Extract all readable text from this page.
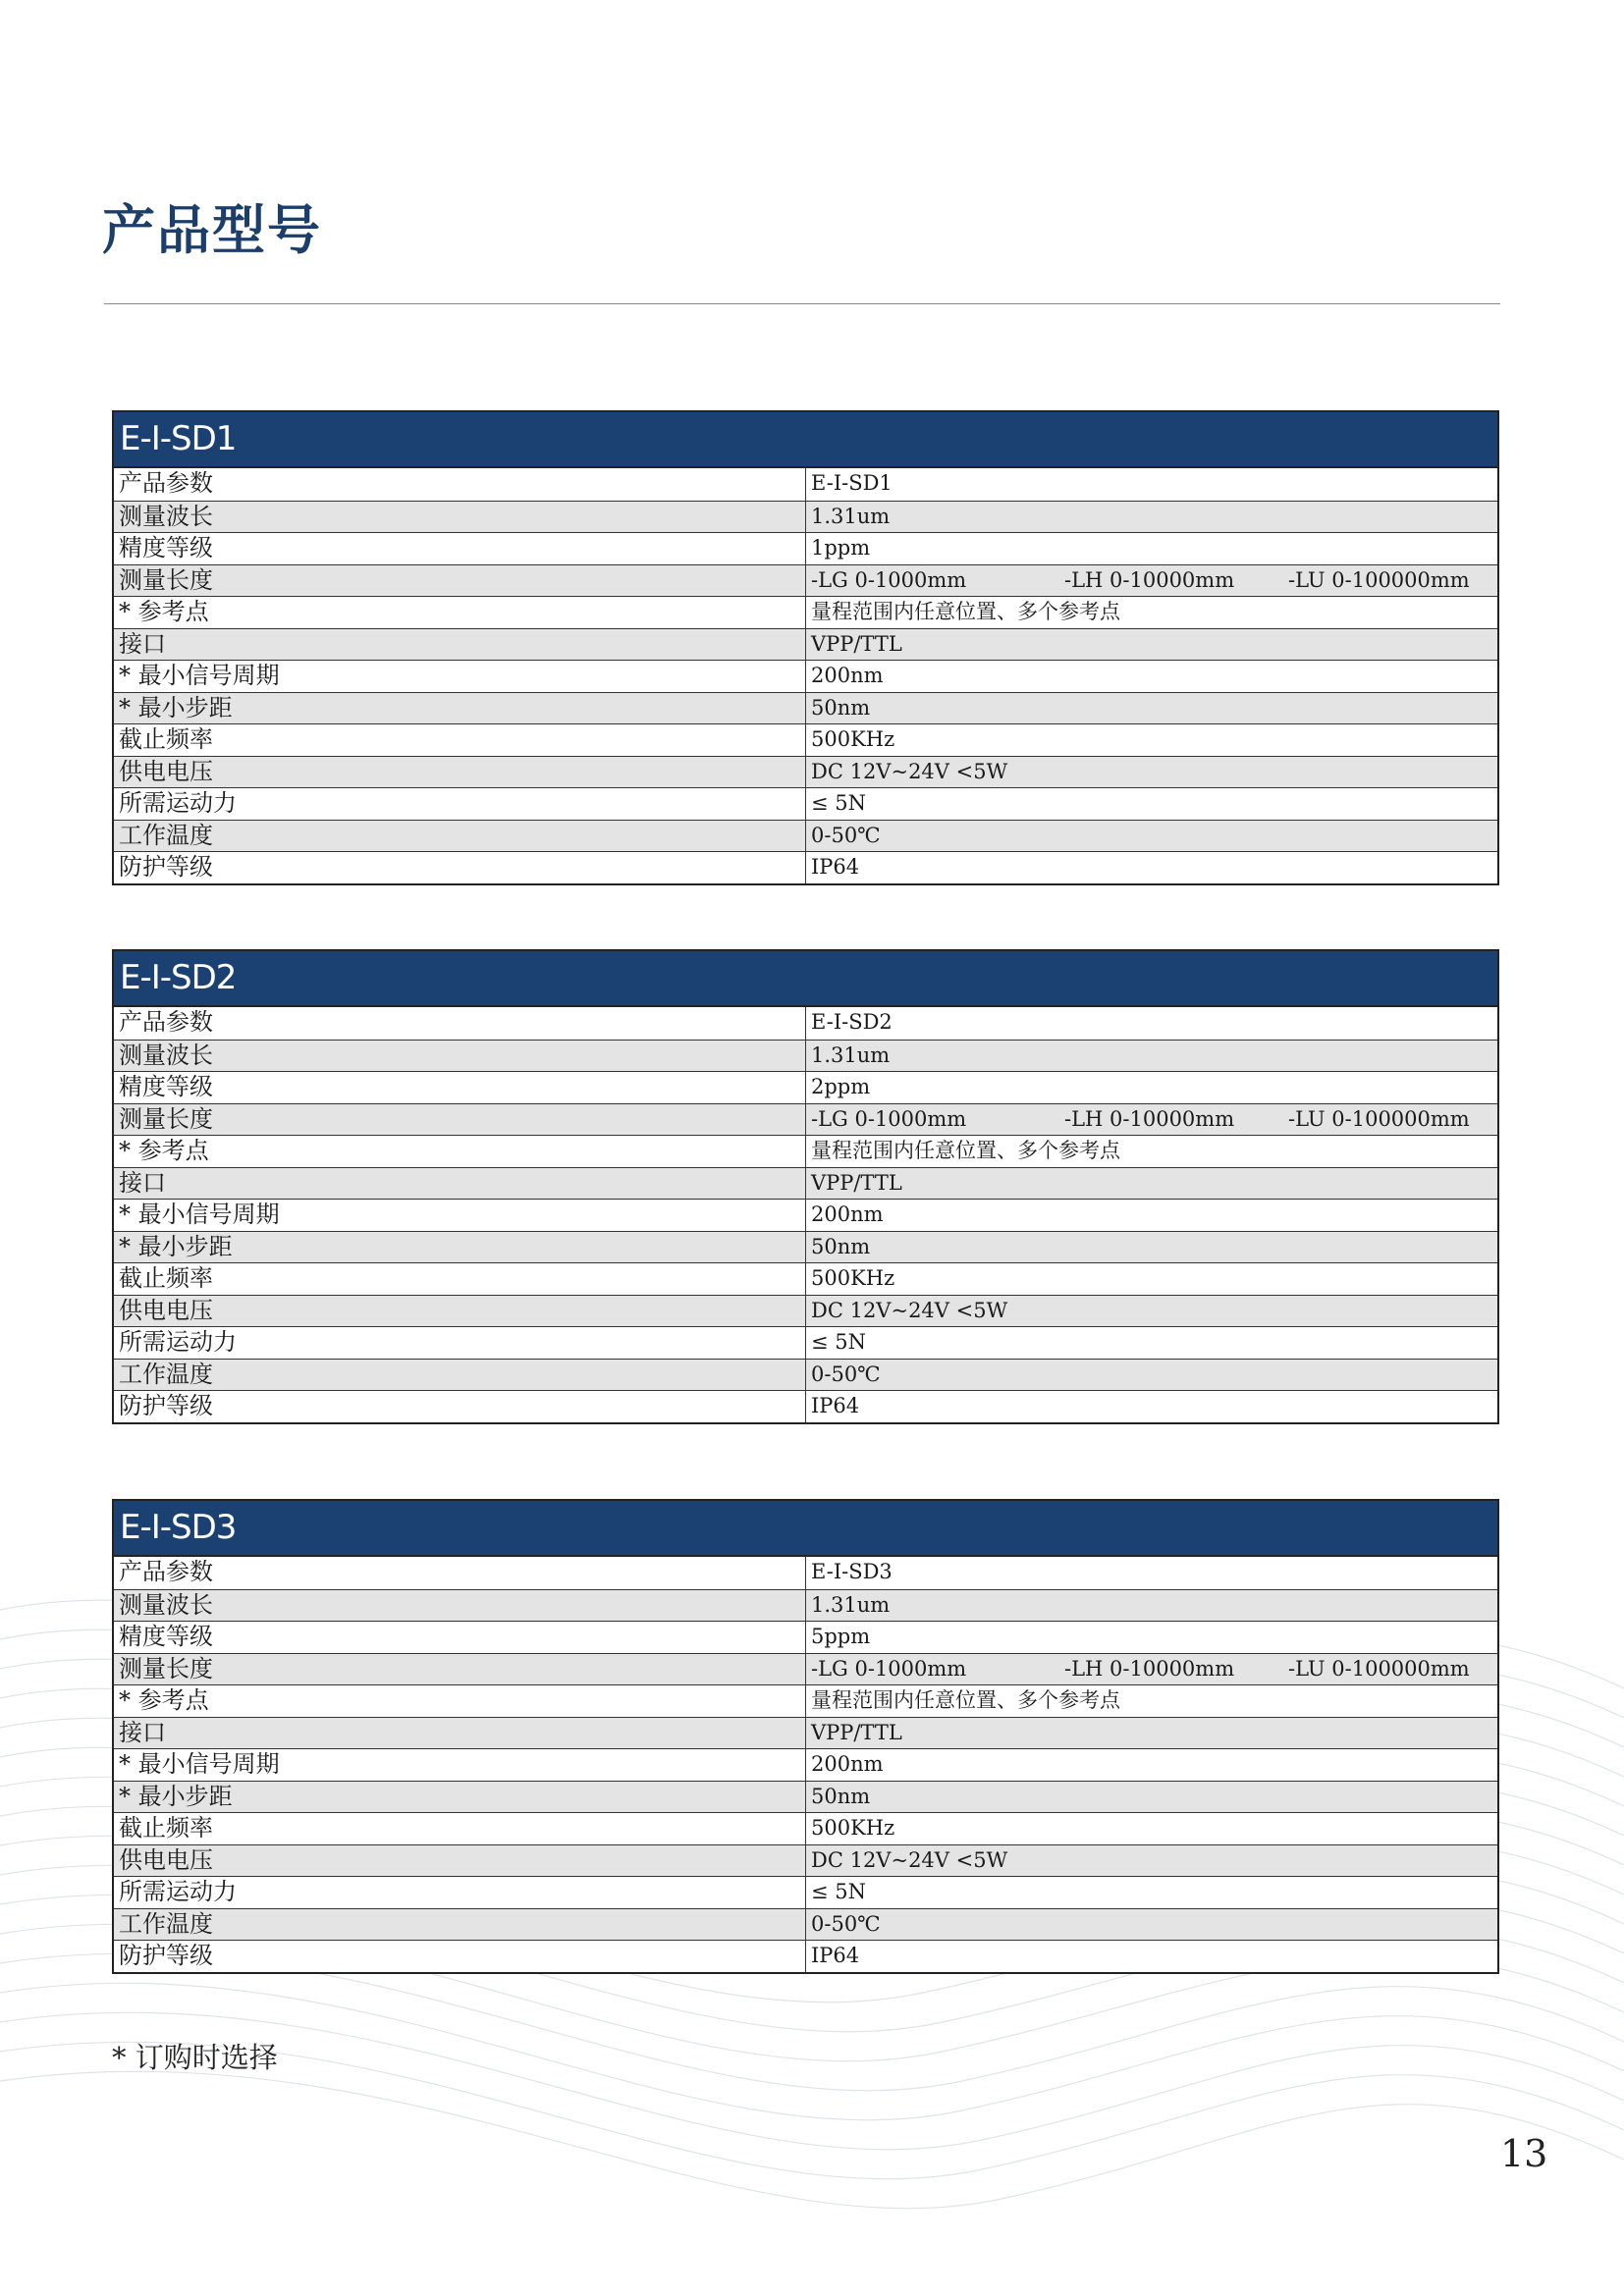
产品型号
E-I-SD1
产品参数	E-I-SD1
测量波长	1.31um
精度等级	1ppm
测量长度	-LG 0-1000mm	-LH 0-10000mm	-LU 0-100000mm
* 参考点	量程范围内任意位置、多个参考点
接口	VPP/TTL
* 最小信号周期	200nm
* 最小步距	50nm
截止频率	500KHz
供电电压	DC 12V~24V <5W
所需运动力	≤ 5N
工作温度	0-50℃
防护等级	IP64
E-I-SD2
产品参数	E-I-SD2
测量波长	1.31um
精度等级	2ppm
测量长度	-LG 0-1000mm	-LH 0-10000mm	-LU 0-100000mm
* 参考点	量程范围内任意位置、多个参考点
接口	VPP/TTL
* 最小信号周期	200nm
* 最小步距	50nm
截止频率	500KHz
供电电压	DC 12V~24V <5W
所需运动力	≤ 5N
工作温度	0-50℃
防护等级	IP64
E-I-SD3
产品参数	E-I-SD3
测量波长	1.31um
精度等级	5ppm
测量长度	-LG 0-1000mm	-LH 0-10000mm	-LU 0-100000mm
* 参考点	量程范围内任意位置、多个参考点
接口	VPP/TTL
* 最小信号周期	200nm
* 最小步距	50nm
截止频率	500KHz
供电电压	DC 12V~24V <5W
所需运动力	≤ 5N
工作温度	0-50℃
防护等级	IP64

* 订购时选择

13
